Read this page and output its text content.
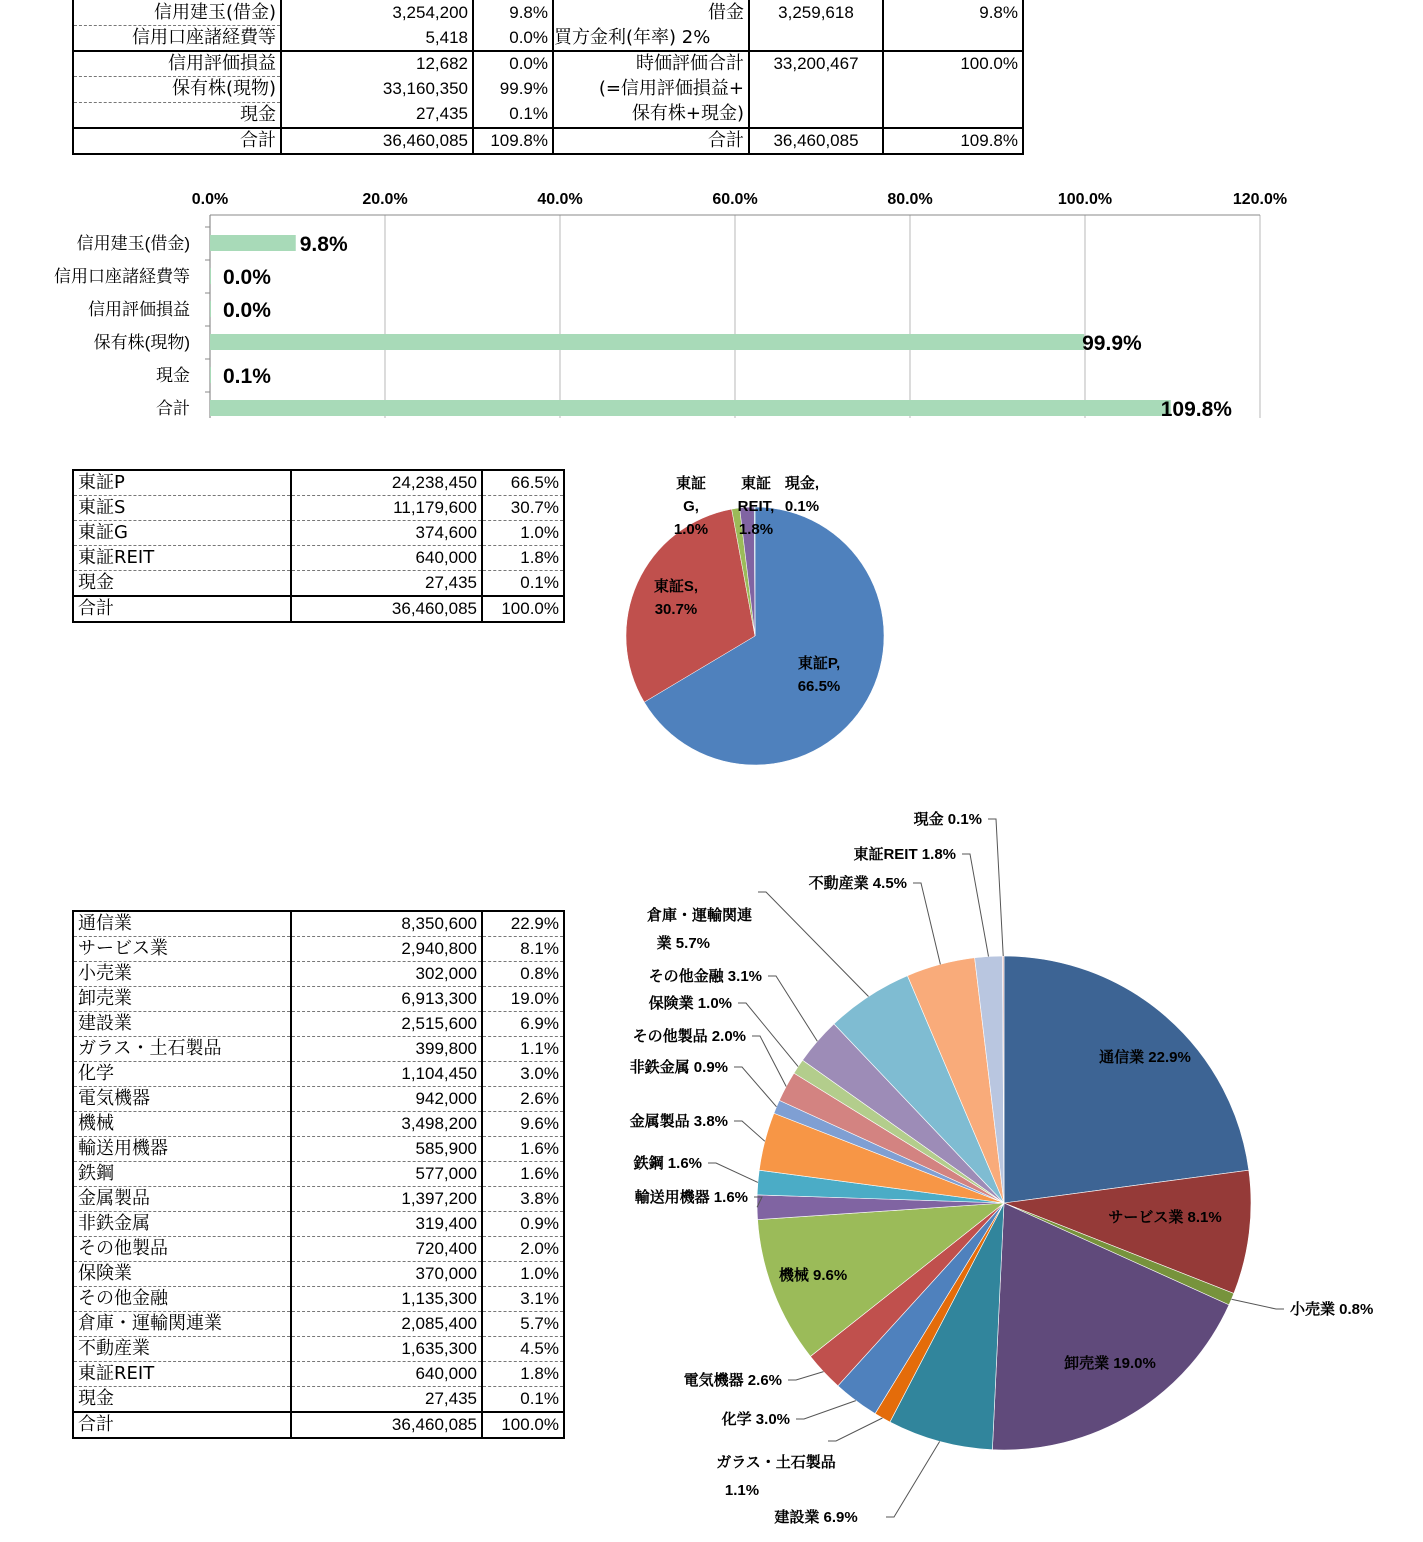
信用建玉(借金)	3,254,200	9.8%	借金	3,259,618	9.8%
信用口座諸経費等	5,418	0.0%	買方金利(年率) 2%		
信用評価損益	12,682	0.0%	時価評価合計	33,200,467	100.0%
保有株(現物)	33,160,350	99.9%	(=信用評価損益+		
現金	27,435	0.1%	保有株+現金)		
合計	36,460,085	109.8%	合計	36,460,085	109.8%
0.0%	20.0%	40.0%	60.0%	80.0%	100.0%	120.0%
信用建玉(借金)	9.8%
信用口座諸経費等 0.0%
信用評価損益 0.0%
保有株(現物)	99.9%
現金 0.1%
合計	109.8%
東証P	24,238,450	66.5%
東証S	11,179,600	30.7%
東証G	374,600	1.0%
東証REIT	640,000	1.8%
現金	27,435	0.1%
合計	36,460,085	100.0%
東証P, 66.5%
東証S, 30.7%
東証 G, 1.0%
東証 REIT, 1.8%
現金, 0.1%
通信業	8,350,600	22.9%
サービス業	2,940,800	8.1%
小売業	302,000	0.8%
卸売業	6,913,300	19.0%
建設業	2,515,600	6.9%
ガラス・土石製品	399,800	1.1%
化学	1,104,450	3.0%
電気機器	942,000	2.6%
機械	3,498,200	9.6%
輸送用機器	585,900	1.6%
鉄鋼	577,000	1.6%
金属製品	1,397,200	3.8%
非鉄金属	319,400	0.9%
その他製品	720,400	2.0%
保険業	370,000	1.0%
その他金融	1,135,300	3.1%
倉庫・運輸関連業	2,085,400	5.7%
不動産業	1,635,300	4.5%
東証REIT	640,000	1.8%
現金	27,435	0.1%
合計	36,460,085	100.0%
通信業 22.9%
サービス業 8.1%
小売業 0.8%
卸売業 19.0%
建設業 6.9%
ガラス・土石製品 1.1%
化学 3.0%
電気機器 2.6%
機械 9.6%
輸送用機器 1.6%
鉄鋼 1.6%
金属製品 3.8%
非鉄金属 0.9%
その他製品 2.0%
保険業 1.0%
その他金融 3.1%
倉庫・運輸関連業 5.7%
不動産業 4.5%
東証REIT 1.8%
現金 0.1%
